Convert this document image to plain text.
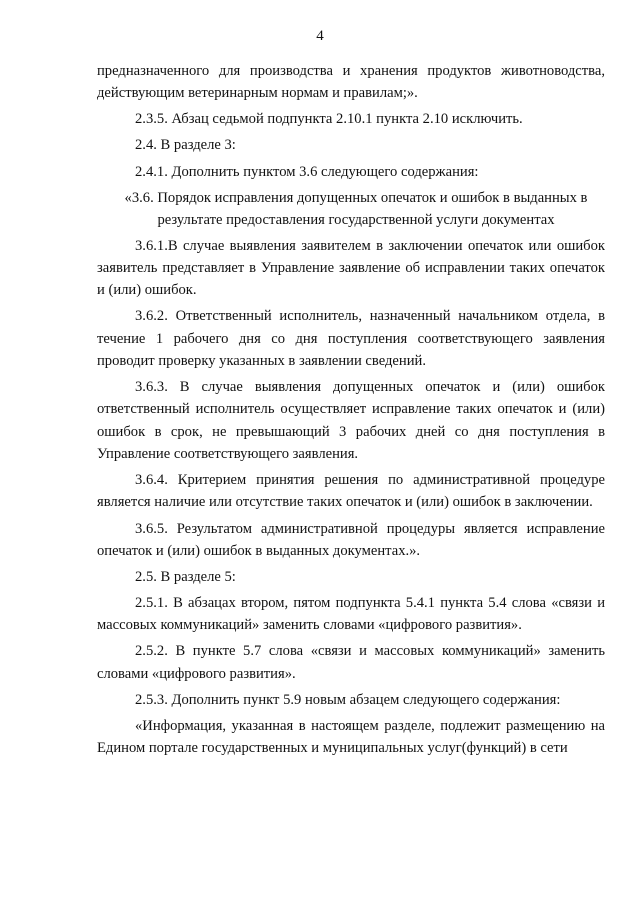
4

предназначенного для производства и хранения продуктов животноводства, действующим ветеринарным нормам и правилам;».

2.3.5. Абзац седьмой подпункта 2.10.1 пункта 2.10 исключить.

2.4. В разделе 3:

2.4.1. Дополнить пунктом 3.6 следующего содержания:

«3.6. Порядок исправления допущенных опечаток и ошибок в выданных в результате предоставления государственной услуги документах

3.6.1.В случае выявления заявителем в заключении опечаток или ошибок заявитель представляет в Управление заявление об исправлении таких опечаток и (или) ошибок.

3.6.2. Ответственный исполнитель, назначенный начальником отдела, в течение 1 рабочего дня со дня поступления соответствующего заявления проводит проверку указанных в заявлении сведений.

3.6.3. В случае выявления допущенных опечаток и (или) ошибок ответственный исполнитель осуществляет исправление таких опечаток и (или) ошибок в срок, не превышающий 3 рабочих дней со дня поступления в Управление соответствующего заявления.

3.6.4. Критерием принятия решения по административной процедуре является наличие или отсутствие таких опечаток и (или) ошибок в заключении.

3.6.5. Результатом административной процедуры является исправление опечаток и (или) ошибок в выданных документах.».

2.5. В разделе 5:

2.5.1. В абзацах втором, пятом подпункта 5.4.1 пункта 5.4 слова «связи и массовых коммуникаций» заменить словами «цифрового развития».

2.5.2. В пункте 5.7 слова «связи и массовых коммуникаций» заменить словами «цифрового развития».

2.5.3. Дополнить пункт 5.9 новым абзацем следующего содержания:

«Информация, указанная в настоящем разделе, подлежит размещению на Едином портале государственных и муниципальных услуг(функций) в сети
